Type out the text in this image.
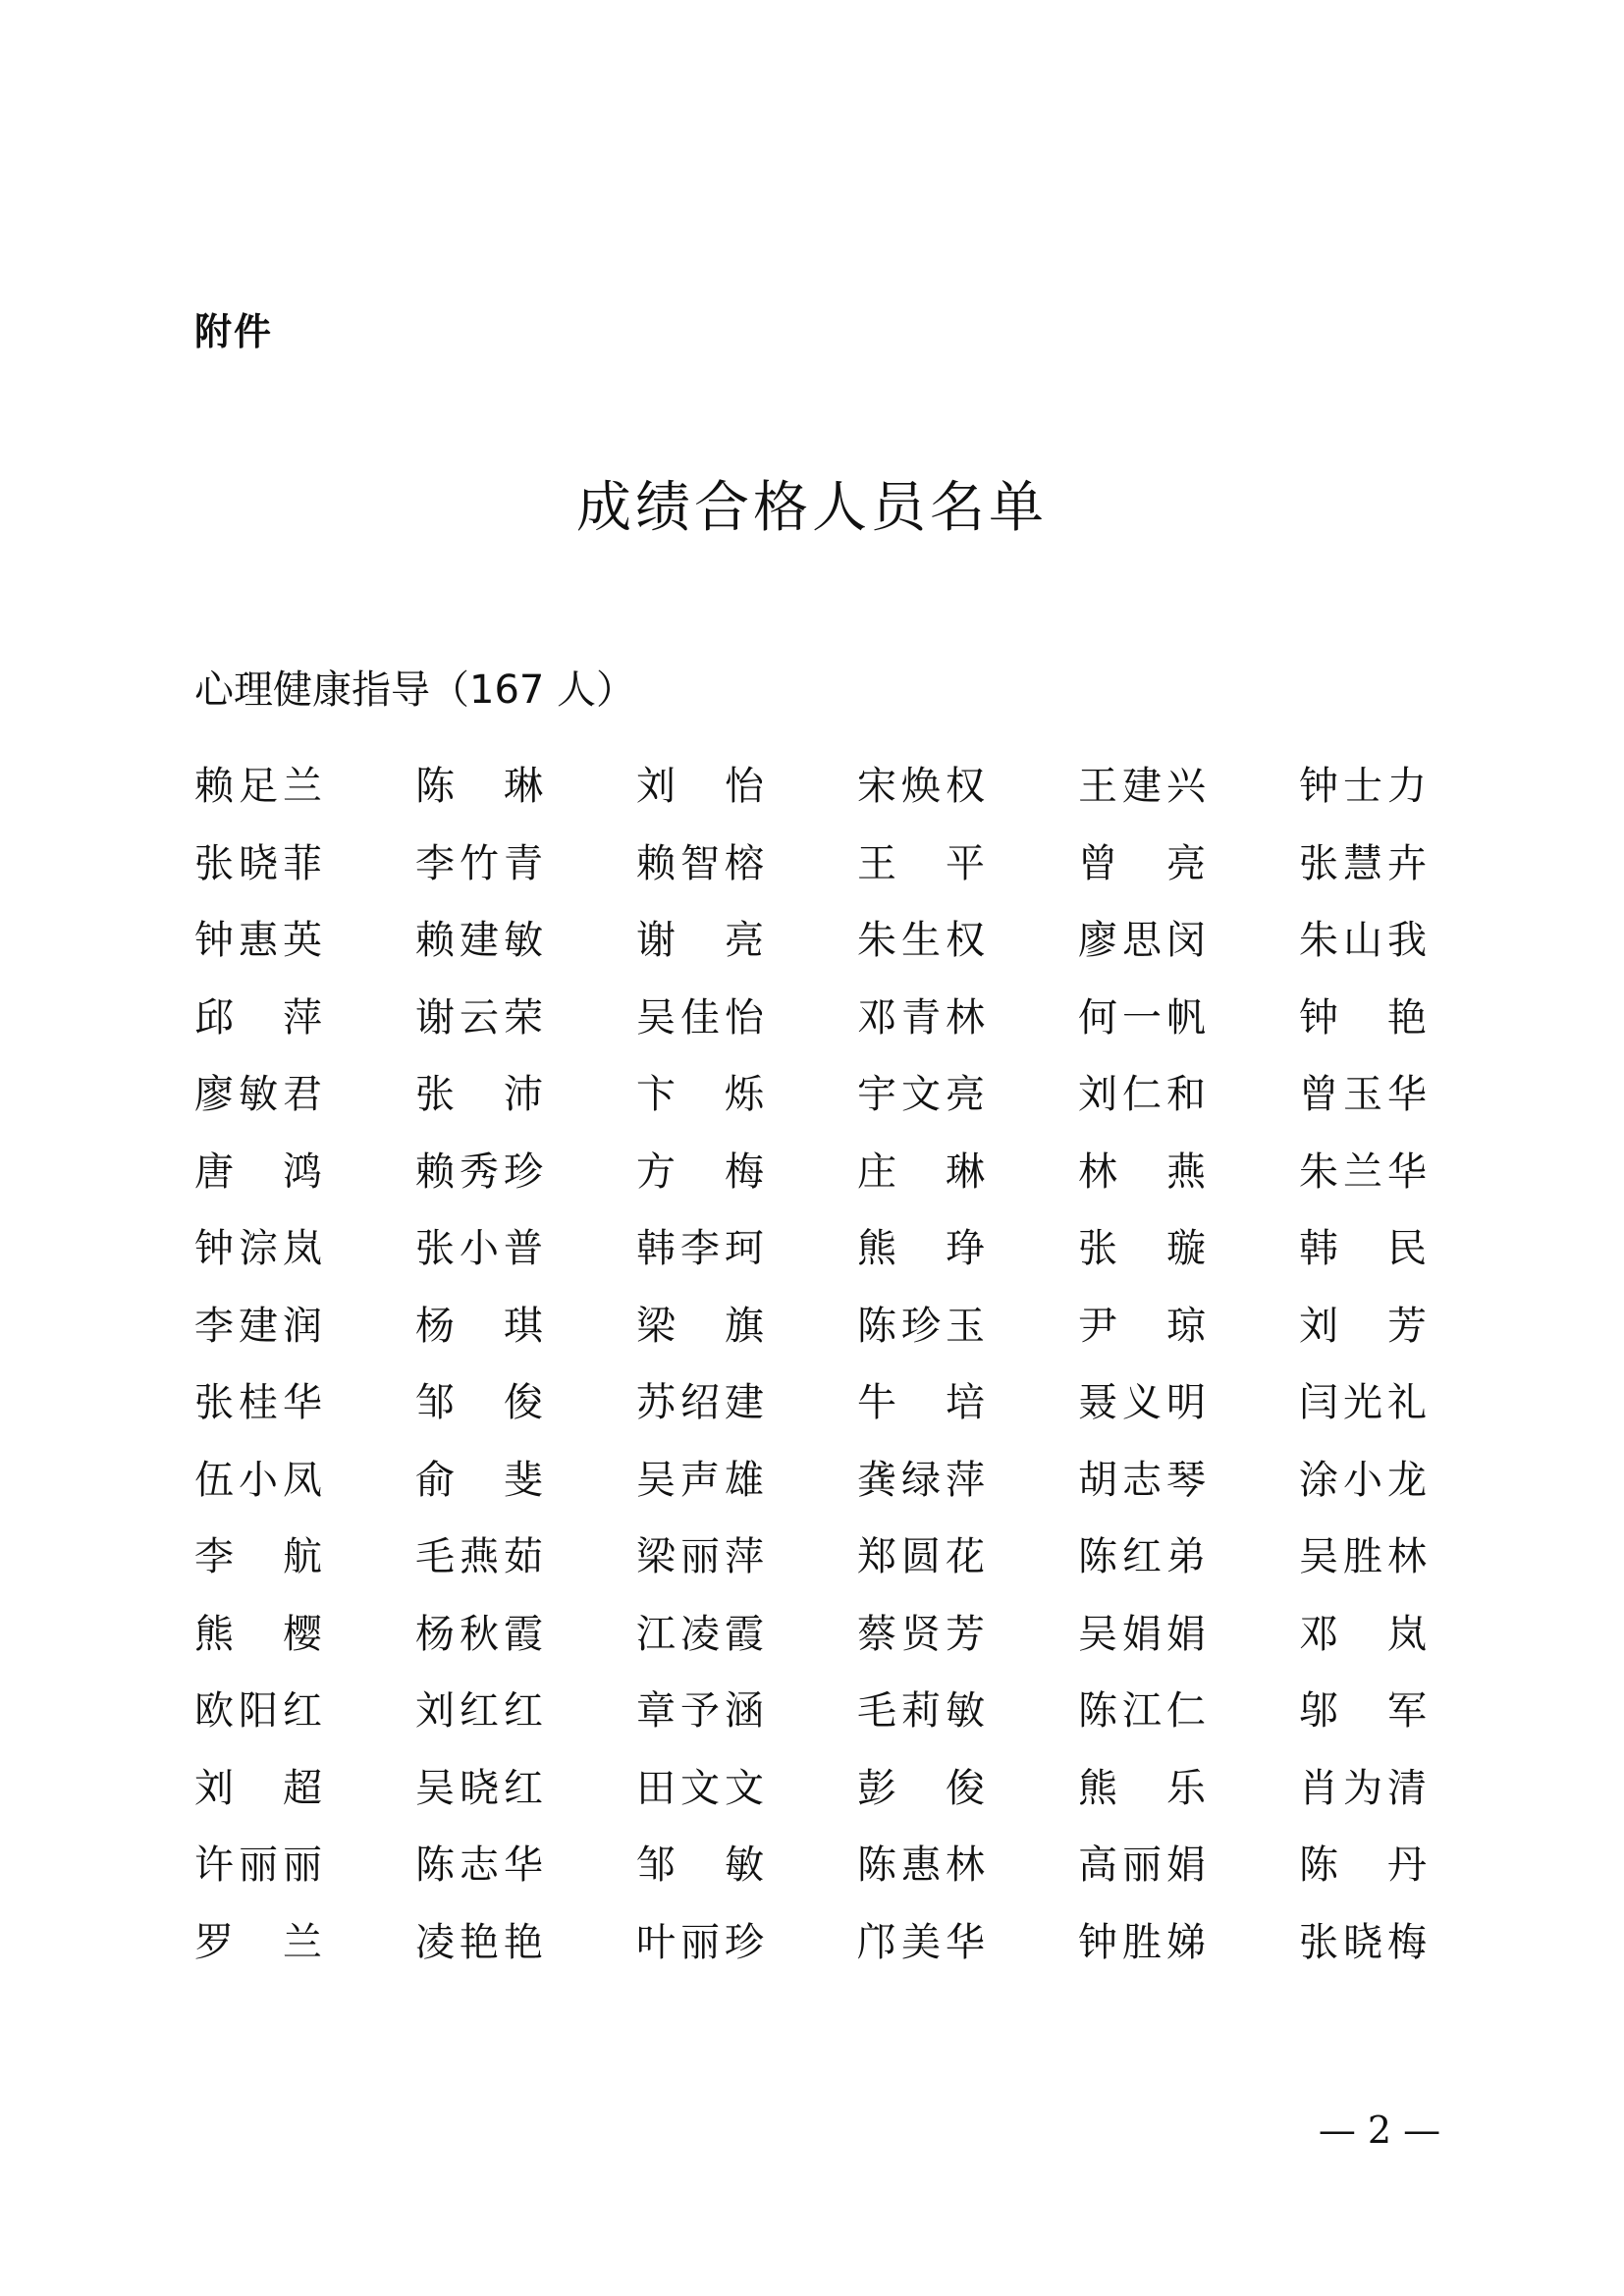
附件
成绩合格人员名单
心理健康指导（167 人）
赖 足 兰 陈 琳 刘 怡 宋 焕 权 王 建 兴 钟 士 力
张 晓 菲 李 竹 青 赖 智 榕 王 平 曾 亮 张 慧 卉
钟 惠 英 赖 建 敏 谢 亮 朱 生 权 廖 思 闵 朱 山 我
邱 萍 谢 云 荣 吴 佳 怡 邓 青 林 何 一 帆 钟 艳
廖 敏 君 张 沛 卞 烁 宇 文 亮 刘 仁 和 曾 玉 华
唐 鸿 赖 秀 珍 方 梅 庄 琳 林 燕 朱 兰 华
钟 淙 岚 张 小 普 韩 李 珂 熊 琤 张 璇 韩 民
李 建 润 杨 琪 梁 旗 陈 珍 玉 尹 琼 刘 芳
张 桂 华 邹 俊 苏 绍 建 牛 培 聂 义 明 闫 光 礼
伍 小 凤 俞 斐 吴 声 雄 龚 绿 萍 胡 志 琴 涂 小 龙
李 航 毛 燕 茹 梁 丽 萍 郑 圆 花 陈 红 弟 吴 胜 林
熊 樱 杨 秋 霞 江 凌 霞 蔡 贤 芳 吴 娟 娟 邓 岚
欧 阳 红 刘 红 红 章 予 涵 毛 莉 敏 陈 江 仁 邬 军
刘 超 吴 晓 红 田 文 文 彭 俊 熊 乐 肖 为 清
许 丽 丽 陈 志 华 邹 敏 陈 惠 林 高 丽 娟 陈 丹
罗 兰 凌 艳 艳 叶 丽 珍 邝 美 华 钟 胜 娣 张 晓 梅
— 2 —
